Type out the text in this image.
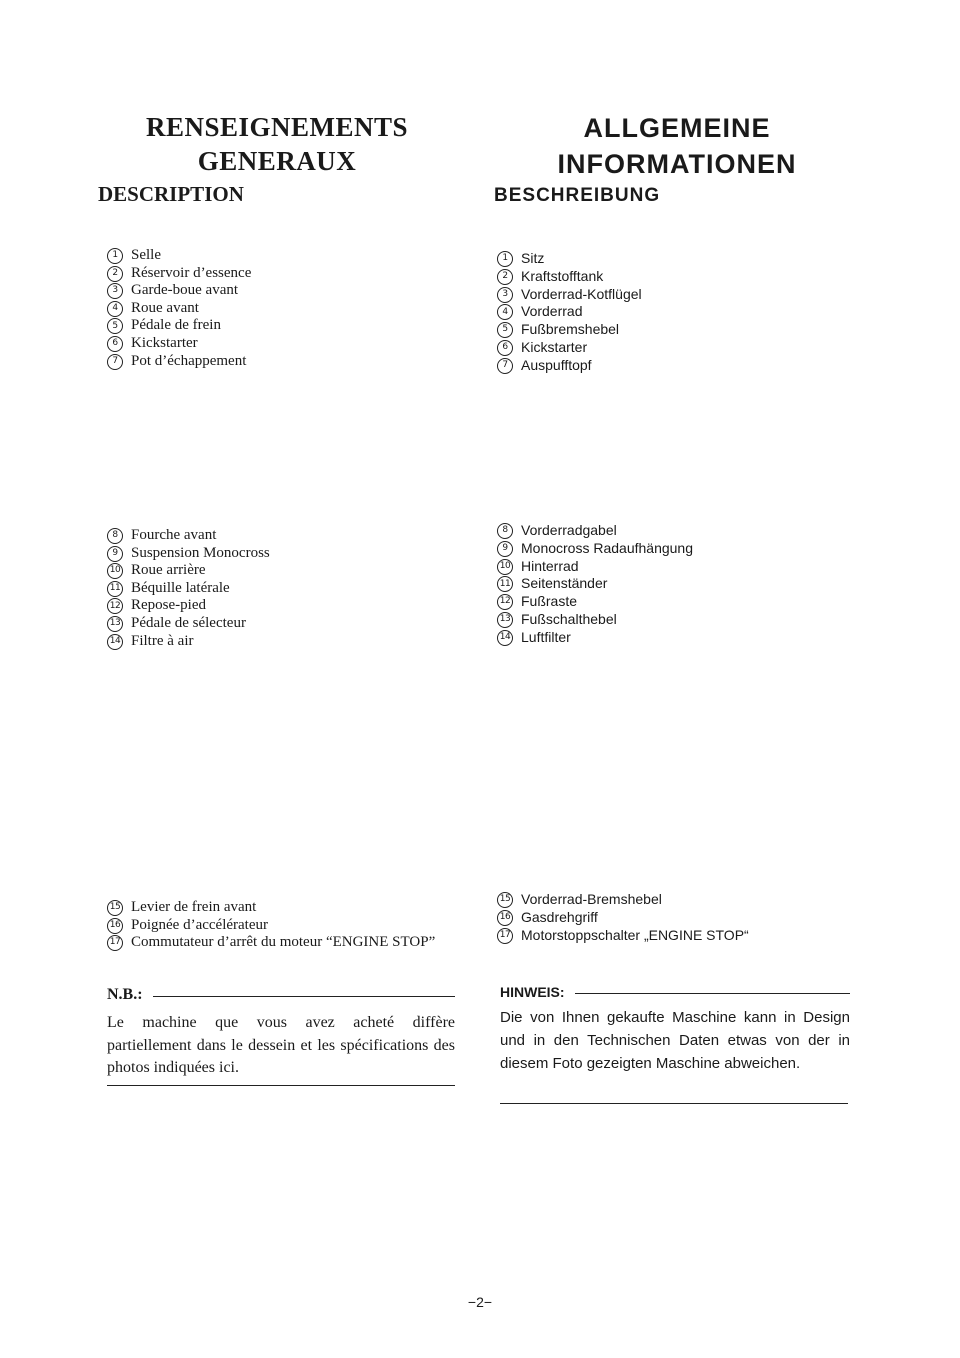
RENSEIGNEMENTS
GENERAUX
ALLGEMEINE
INFORMATIONEN
DESCRIPTION	BESCHREIBUNG
1 Selle
2 Réservoir d’essence
3 Garde-boue avant
4 Roue avant
5 Pédale de frein
6 Kickstarter
7 Pot d’échappement
8 Fourche avant
9 Suspension Monocross
10 Roue arrière
11 Béquille latérale
12 Repose-pied
13 Pédale de sélecteur
14 Filtre à air
15 Levier de frein avant
16 Poignée d’accélérateur
17 Commutateur d’arrêt du moteur “ENGINE STOP”
1 Sitz
2 Kraftstofftank
3 Vorderrad-Kotflügel
4 Vorderrad
5 Fußbremshebel
6 Kickstarter
7 Auspufftopf
8 Vorderradgabel
9 Monocross Radaufhängung
10 Hinterrad
11 Seitenständer
12 Fußraste
13 Fußschalthebel
14 Luftfilter
15 Vorderrad-Bremshebel
16 Gasdrehgriff
17 Motorstoppschalter „ENGINE STOP“
N.B.:
Le machine que vous avez acheté diffère partiellement dans le dessein et les spécifications des photos indiquées ici.
HINWEIS:
Die von Ihnen gekaufte Maschine kann in Design und in den Technischen Daten etwas von der in diesem Foto gezeigten Maschine abweichen.
−2−
